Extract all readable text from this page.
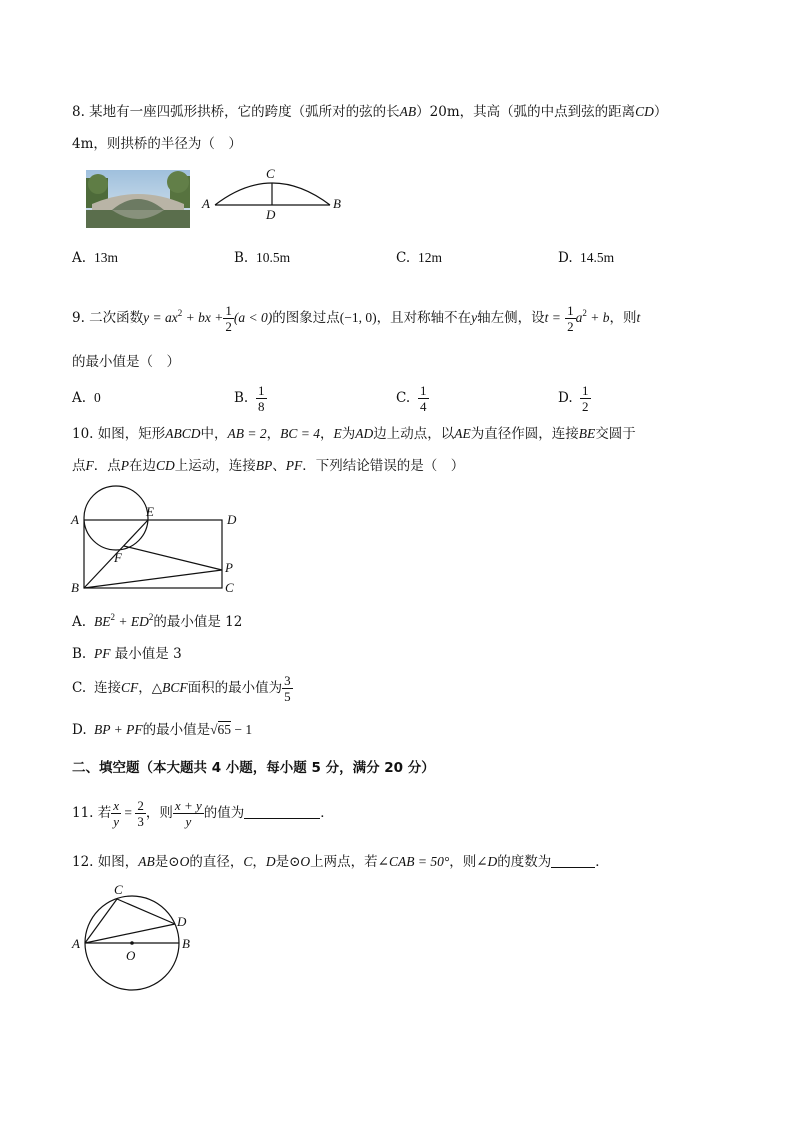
8. 某地有一座四弧形拱桥，它的跨度（弧所对的弦的长AB）20m，其高（弧的中点到弦的距离CD）
4m，则拱桥的半径为（　）
A	B
C
D
A. 13m	B. 10.5m	C. 12m	D. 14.5m
9. 二次函数$y = ax^2$ + bx + $\frac{1}{2} (a < 0)$的图象过点(−1, 0)，且对称轴不在y轴左侧，设$t = \frac{1}{2} a^2 + b$，则t
的最小值是（　）
A. 0	B. $\frac{1}{8}$	C. $\frac{1}{4}$	D. $\frac{1}{2}$
10. 如图，矩形ABCD中，AB = 2，BC = 4，E为AD边上动点，以AE为直径作圆，连接BE交圆于
点F．点P在边CD上运动，连接BP、PF．下列结论错误的是（　）
A
B	C
D
E
F
P
A. $BE^2 + ED^2$的最小值是 12
B. PF 最小值是 3
C. 连接CF，△BCF面积的最小值为 $\frac{3}{5}$
D. BP + PF的最小值是√65 − 1
二、填空题（本大题共 4 小题，每小题 5 分，满分 20 分）
11. 若 $\frac{x}{y} = \frac{2}{3}$ ，则 $\frac{x + y}{y}$ 的值为	．
12. 如图，AB是⊙O的直径，C，D是⊙O上两点，若∠CAB = 50°，则∠D的度数为	．
A	B
C
D
O
